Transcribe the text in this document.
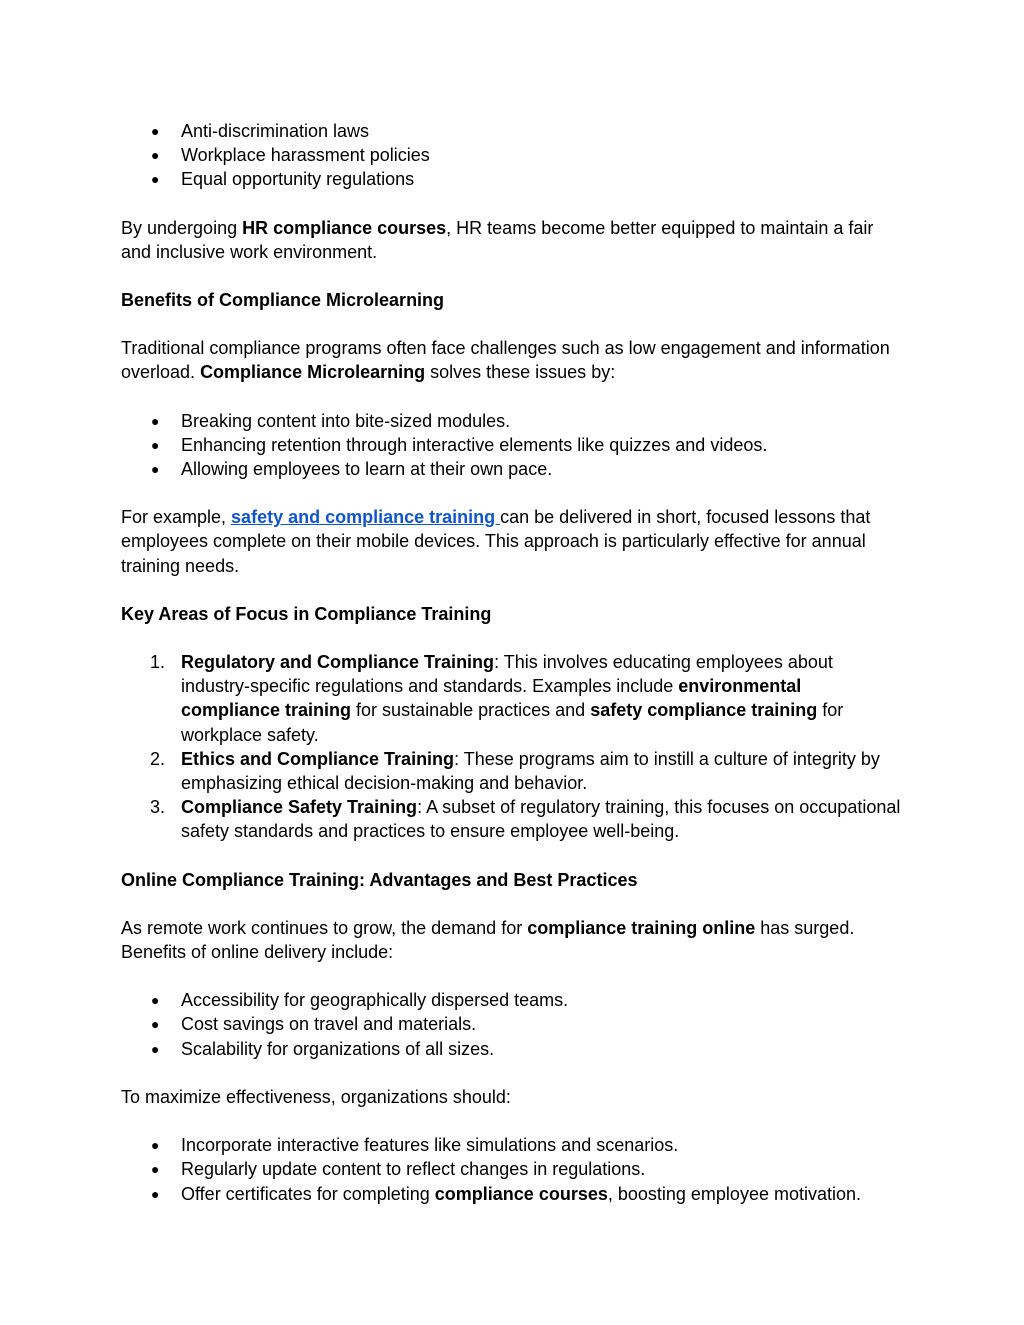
● Anti-discrimination laws
● Workplace harassment policies
● Equal opportunity regulations

By undergoing HR compliance courses, HR teams become better equipped to maintain a fair and inclusive work environment.

Benefits of Compliance Microlearning

Traditional compliance programs often face challenges such as low engagement and information overload. Compliance Microlearning solves these issues by:

● Breaking content into bite-sized modules.
● Enhancing retention through interactive elements like quizzes and videos.
● Allowing employees to learn at their own pace.

For example, safety and compliance training can be delivered in short, focused lessons that employees complete on their mobile devices. This approach is particularly effective for annual training needs.

Key Areas of Focus in Compliance Training
1. Regulatory and Compliance Training: This involves educating employees about industry-specific regulations and standards. Examples include environmental compliance training for sustainable practices and safety compliance training for workplace safety.
2. Ethics and Compliance Training: These programs aim to instill a culture of integrity by emphasizing ethical decision-making and behavior.
3. Compliance Safety Training: A subset of regulatory training, this focuses on occupational safety standards and practices to ensure employee well-being.
Online Compliance Training: Advantages and Best Practices

As remote work continues to grow, the demand for compliance training online has surged. Benefits of online delivery include:

● Accessibility for geographically dispersed teams.
● Cost savings on travel and materials.
● Scalability for organizations of all sizes.

To maximize effectiveness, organizations should:

● Incorporate interactive features like simulations and scenarios.
● Regularly update content to reflect changes in regulations.
● Offer certificates for completing compliance courses, boosting employee motivation.
